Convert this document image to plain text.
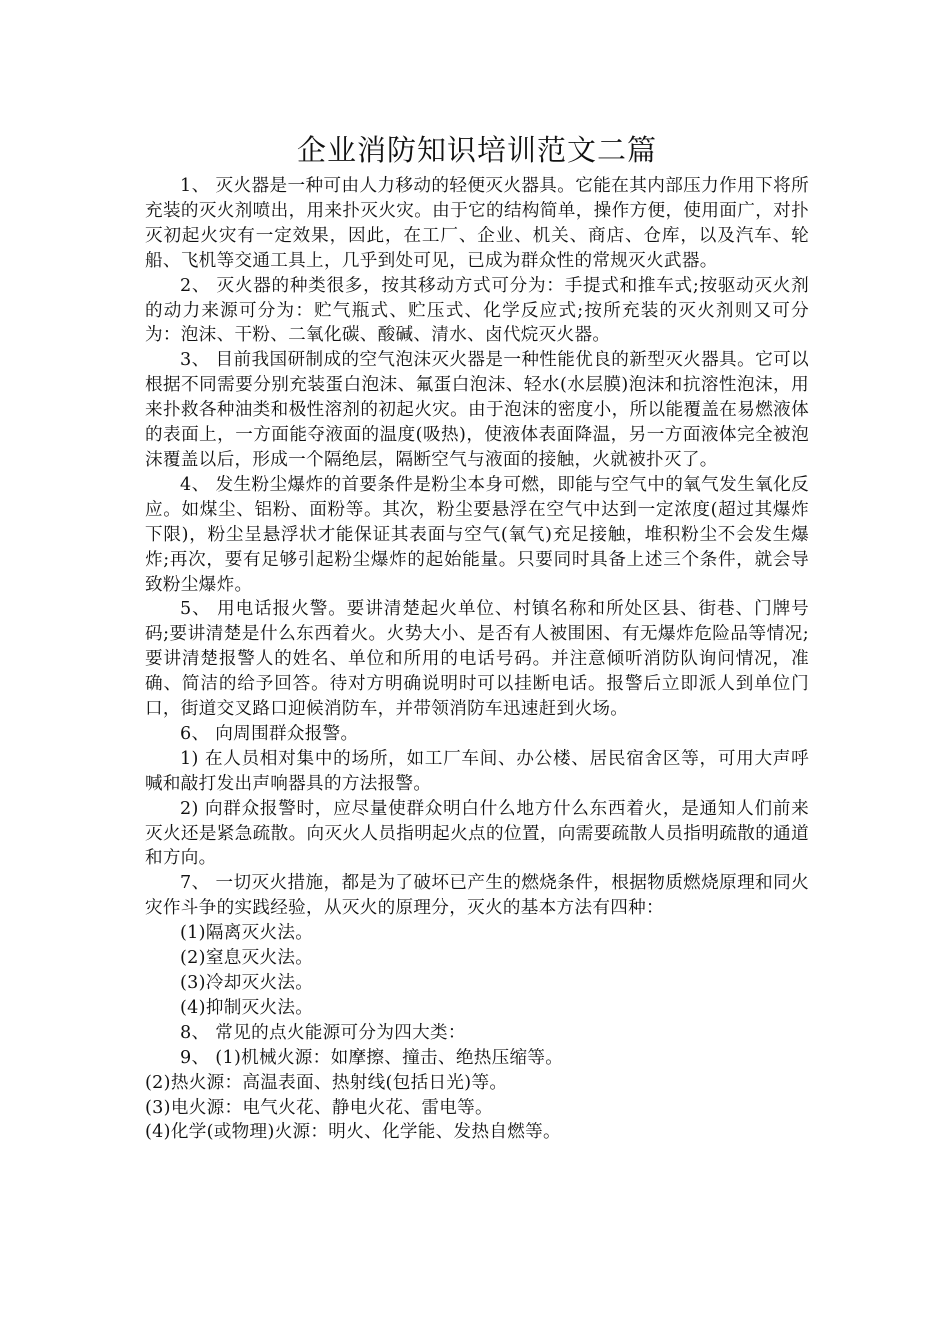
企业消防知识培训范文二篇

1、 灭火器是一种可由人力移动的轻便灭火器具。它能在其内部压力作用下将所充装的灭火剂喷出，用来扑灭火灾。由于它的结构简单，操作方便，使用面广，对扑灭初起火灾有一定效果，因此，在工厂、企业、机关、商店、仓库，以及汽车、轮船、飞机等交通工具上，几乎到处可见，已成为群众性的常规灭火武器。

2、 灭火器的种类很多，按其移动方式可分为：手提式和推车式;按驱动灭火剂的动力来源可分为：贮气瓶式、贮压式、化学反应式;按所充装的灭火剂则又可分为：泡沫、干粉、二氧化碳、酸碱、清水、卤代烷灭火器。

3、 目前我国研制成的空气泡沫灭火器是一种性能优良的新型灭火器具。它可以根据不同需要分别充装蛋白泡沫、氟蛋白泡沫、轻水(水层膜)泡沫和抗溶性泡沫，用来扑救各种油类和极性溶剂的初起火灾。由于泡沫的密度小，所以能覆盖在易燃液体的表面上，一方面能夺液面的温度(吸热)，使液体表面降温，另一方面液体完全被泡沫覆盖以后，形成一个隔绝层，隔断空气与液面的接触，火就被扑灭了。

4、 发生粉尘爆炸的首要条件是粉尘本身可燃，即能与空气中的氧气发生氧化反应。如煤尘、铝粉、面粉等。其次，粉尘要悬浮在空气中达到一定浓度(超过其爆炸下限)，粉尘呈悬浮状才能保证其表面与空气(氧气)充足接触，堆积粉尘不会发生爆炸;再次，要有足够引起粉尘爆炸的起始能量。只要同时具备上述三个条件，就会导致粉尘爆炸。

5、 用电话报火警。要讲清楚起火单位、村镇名称和所处区县、街巷、门牌号码;要讲清楚是什么东西着火。火势大小、是否有人被围困、有无爆炸危险品等情况;要讲清楚报警人的姓名、单位和所用的电话号码。并注意倾听消防队询问情况，准确、简洁的给予回答。待对方明确说明时可以挂断电话。报警后立即派人到单位门口，街道交叉路口迎候消防车，并带领消防车迅速赶到火场。

6、 向周围群众报警。

1) 在人员相对集中的场所，如工厂车间、办公楼、居民宿舍区等，可用大声呼喊和敲打发出声响器具的方法报警。

2) 向群众报警时，应尽量使群众明白什么地方什么东西着火，是通知人们前来灭火还是紧急疏散。向灭火人员指明起火点的位置，向需要疏散人员指明疏散的通道和方向。

7、 一切灭火措施，都是为了破坏已产生的燃烧条件，根据物质燃烧原理和同火灾作斗争的实践经验，从灭火的原理分，灭火的基本方法有四种：

(1)隔离灭火法。

(2)窒息灭火法。

(3)冷却灭火法。

(4)抑制灭火法。

8、 常见的点火能源可分为四大类：

9、 (1)机械火源：如摩擦、撞击、绝热压缩等。

(2)热火源：高温表面、热射线(包括日光)等。

(3)电火源：电气火花、静电火花、雷电等。

(4)化学(或物理)火源：明火、化学能、发热自燃等。
